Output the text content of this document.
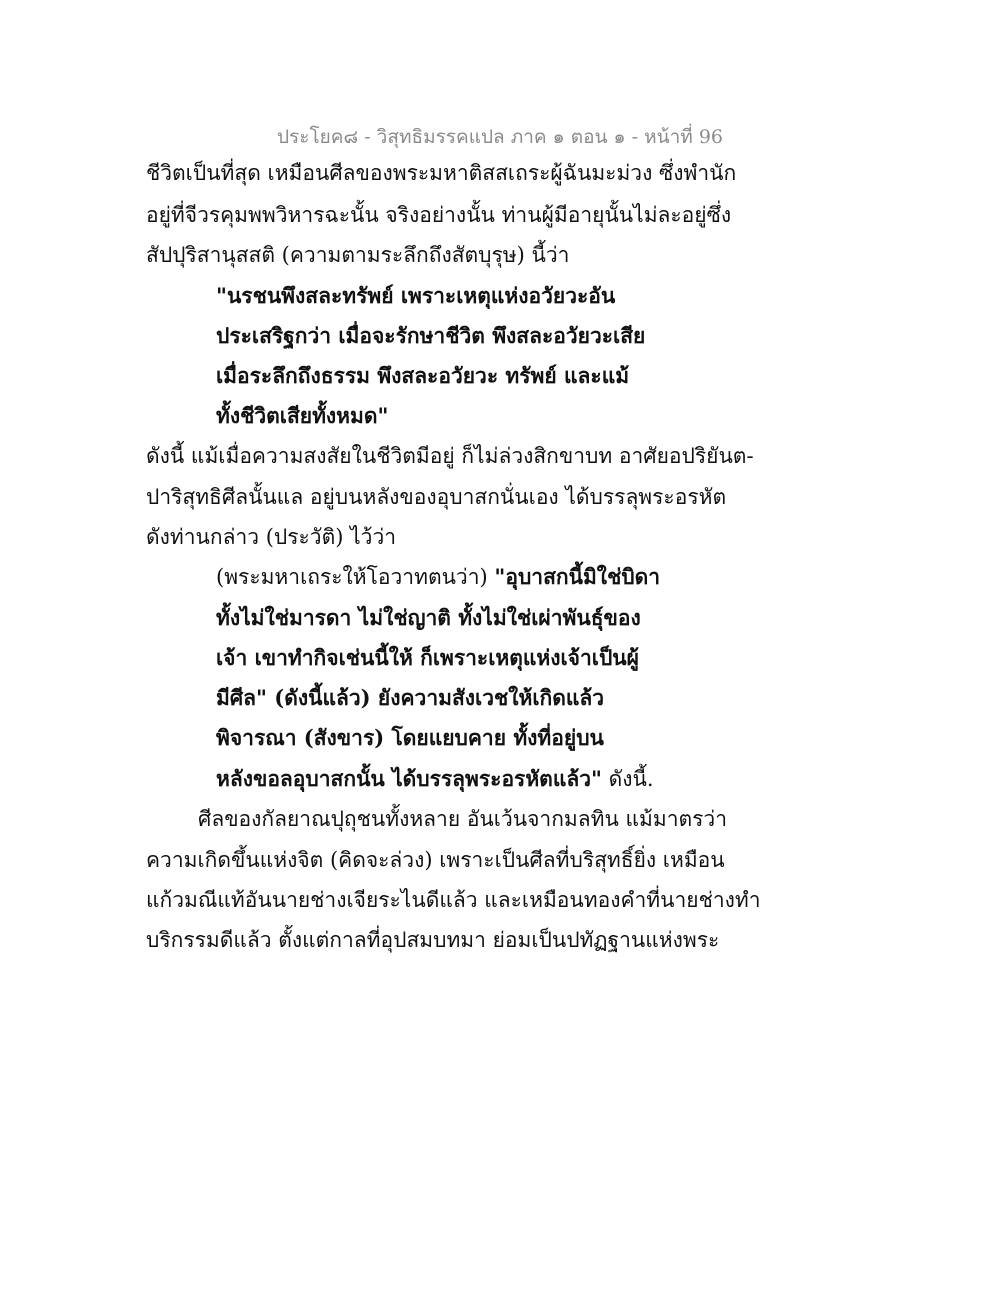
ประโยค๘ - วิสุทธิมรรคแปล ภาค ๑ ตอน ๑ - หน้าที่ 96
ชีวิตเป็นที่สุด เหมือนศีลของพระมหาติสสเถระผู้ฉันมะม่วง ซึ่งพำนัก
อยู่ที่จีวรคุมพพวิหารฉะนั้น จริงอย่างนั้น ท่านผู้มีอายุนั้นไม่ละอยู่ซึ่ง
สัปปุริสานุสสติ (ความตามระลึกถึงสัตบุรุษ) นี้ว่า
"นรชนพึงสละทรัพย์ เพราะเหตุแห่งอวัยวะอัน
ประเสริฐกว่า เมื่อจะรักษาชีวิต พึงสละอวัยวะเสีย
เมื่อระลึกถึงธรรม พึงสละอวัยวะ ทรัพย์ และแม้
ทั้งชีวิตเสียทั้งหมด"
ดังนี้ แม้เมื่อความสงสัยในชีวิตมีอยู่ ก็ไม่ล่วงสิกขาบท อาศัยอปริยันต-
ปาริสุทธิศีลนั้นแล อยู่บนหลังของอุบาสกนั่นเอง ได้บรรลุพระอรหัต
ดังท่านกล่าว (ประวัติ) ไว้ว่า
(พระมหาเถระให้โอวาทตนว่า) "อุบาสกนี้มิใช่บิดา
ทั้งไม่ใช่มารดา ไม่ใช่ญาติ ทั้งไม่ใช่เผ่าพันธุ์ของ
เจ้า เขาทำกิจเช่นนี้ให้ ก็เพราะเหตุแห่งเจ้าเป็นผู้
มีศีล" (ดังนี้แล้ว) ยังความสังเวชให้เกิดแล้ว
พิจารณา (สังขาร) โดยแยบคาย ทั้งที่อยู่บน
หลังขอลอุบาสกนั้น ได้บรรลุพระอรหัตแล้ว" ดังนี้.
ศีลของกัลยาณปุถุชนทั้งหลาย อันเว้นจากมลทิน แม้มาตรว่า
ความเกิดขึ้นแห่งจิต (คิดจะล่วง) เพราะเป็นศีลที่บริสุทธิ์ยิ่ง เหมือน
แก้วมณีแท้อันนายช่างเจียระไนดีแล้ว และเหมือนทองคำที่นายช่างทำ
บริกรรมดีแล้ว ตั้งแต่กาลที่อุปสมบทมา ย่อมเป็นปทัฏฐานแห่งพระ
